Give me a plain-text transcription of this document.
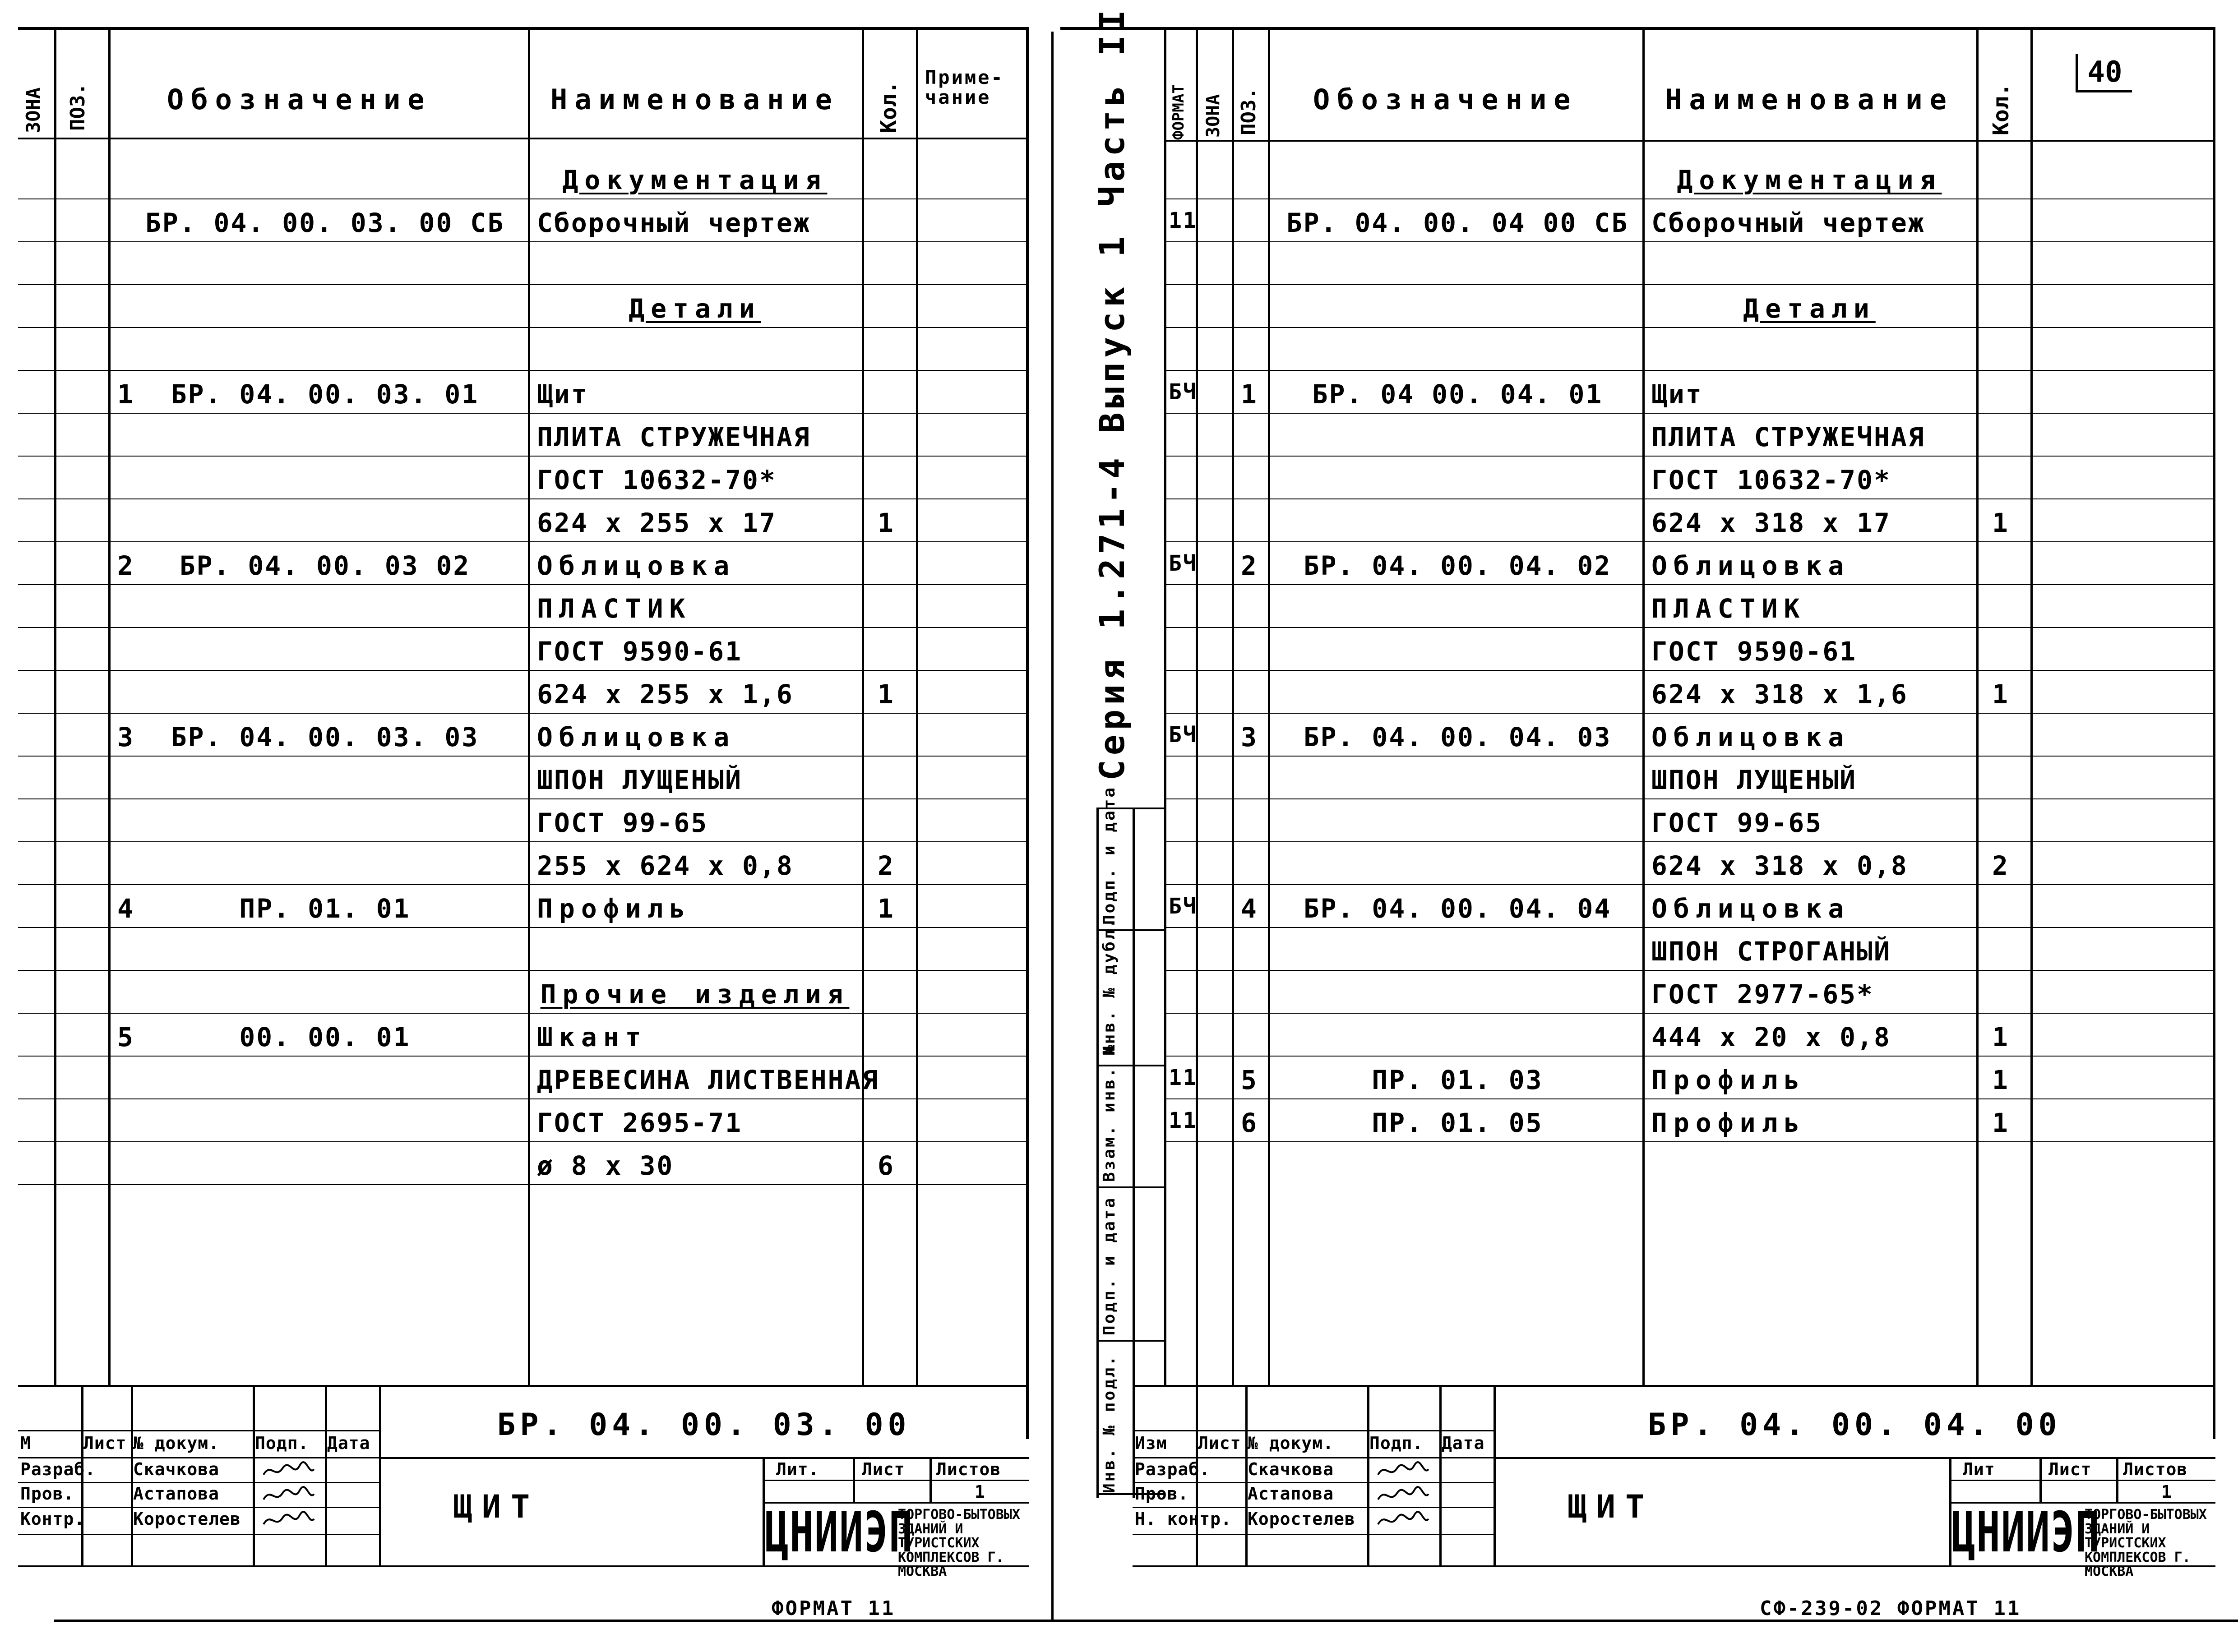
ЗОНА ПОЗ.	Обозначение	Наименование Кол.
Приме-чание
Документация
БР. 04. 00. 03. 00 СБ	Сборочный чертеж
Детали
1	БР. 04. 00. 03. 01	Щит
ПЛИТА СТРУЖЕЧНАЯ
ГОСТ 10632-70*
624 x 255 x 17	1
2	БР. 04. 00. 03 02	Облицовка
ПЛАСТИК
ГОСТ 9590-61
624 x 255 x 1,6	1
3	БР. 04. 00. 03. 03	Облицовка
ШПОН ЛУЩЕНЫЙ
ГОСТ 99-65
255 x 624 x 0,8	2
4	ПР. 01. 01	Профиль	1
Прочие изделия
5	00. 00. 01	Шкант
ДРЕВЕСИНА ЛИСТВЕННАЯ
ГОСТ 2695-71
ø 8 x 30	6
М	Лист № докум. Подп. Дата
Разраб. Скачкова
Пров.	Астапова
Контр.	Коростелев
БР. 04. 00. 03. 00
ЩИТ
Лит. Лист Листов
1
ЦНИИЭП
ТОРГОВО-БЫТОВЫХ ЗДАНИЙ И ТУРИСТСКИХ КОМПЛЕКСОВ Г. МОСКВА
ФОРМАТ 11
Серия 1.271-4
Выпуск 1 Часть II
Инв. № подл.
Подп. и дата
Взам. инв. №
Инв. № дубл.
Подп. и дата
ФОРМАТ ЗОНА ПОЗ. Обозначение	Наименование Кол.
40
Документация
11	БР. 04. 00. 04 00 СБ Сборочный чертеж
Детали
БЧ 1	БР. 04 00. 04. 01	Щит
ПЛИТА СТРУЖЕЧНАЯ
ГОСТ 10632-70*
624 x 318 x 17	1
БЧ 2	БР. 04. 00. 04. 02	Облицовка
ПЛАСТИК
ГОСТ 9590-61
624 x 318 x 1,6	1
БЧ 3	БР. 04. 00. 04. 03	Облицовка
ШПОН ЛУЩЕНЫЙ
ГОСТ 99-65
624 x 318 x 0,8	2
БЧ 4	БР. 04. 00. 04. 04	Облицовка
ШПОН СТРОГАНЫЙ
ГОСТ 2977-65*
444 x 20 x 0,8	1
11 5	ПР. 01. 03	Профиль	1
11 6	ПР. 01. 05	Профиль	1
Изм Лист № докум. Подп. Дата
Разраб. Скачкова
Пров.	Астапова
Н. контр. Коростелев
БР. 04. 00. 04. 00
ЩИТ
Лит	Лист Листов
1
ЦНИИЭП
ТОРГОВО-БЫТОВЫХ ЗДАНИЙ И ТУРИСТСКИХ КОМПЛЕКСОВ Г. МОСКВА
СФ-239-02 ФОРМАТ 11
